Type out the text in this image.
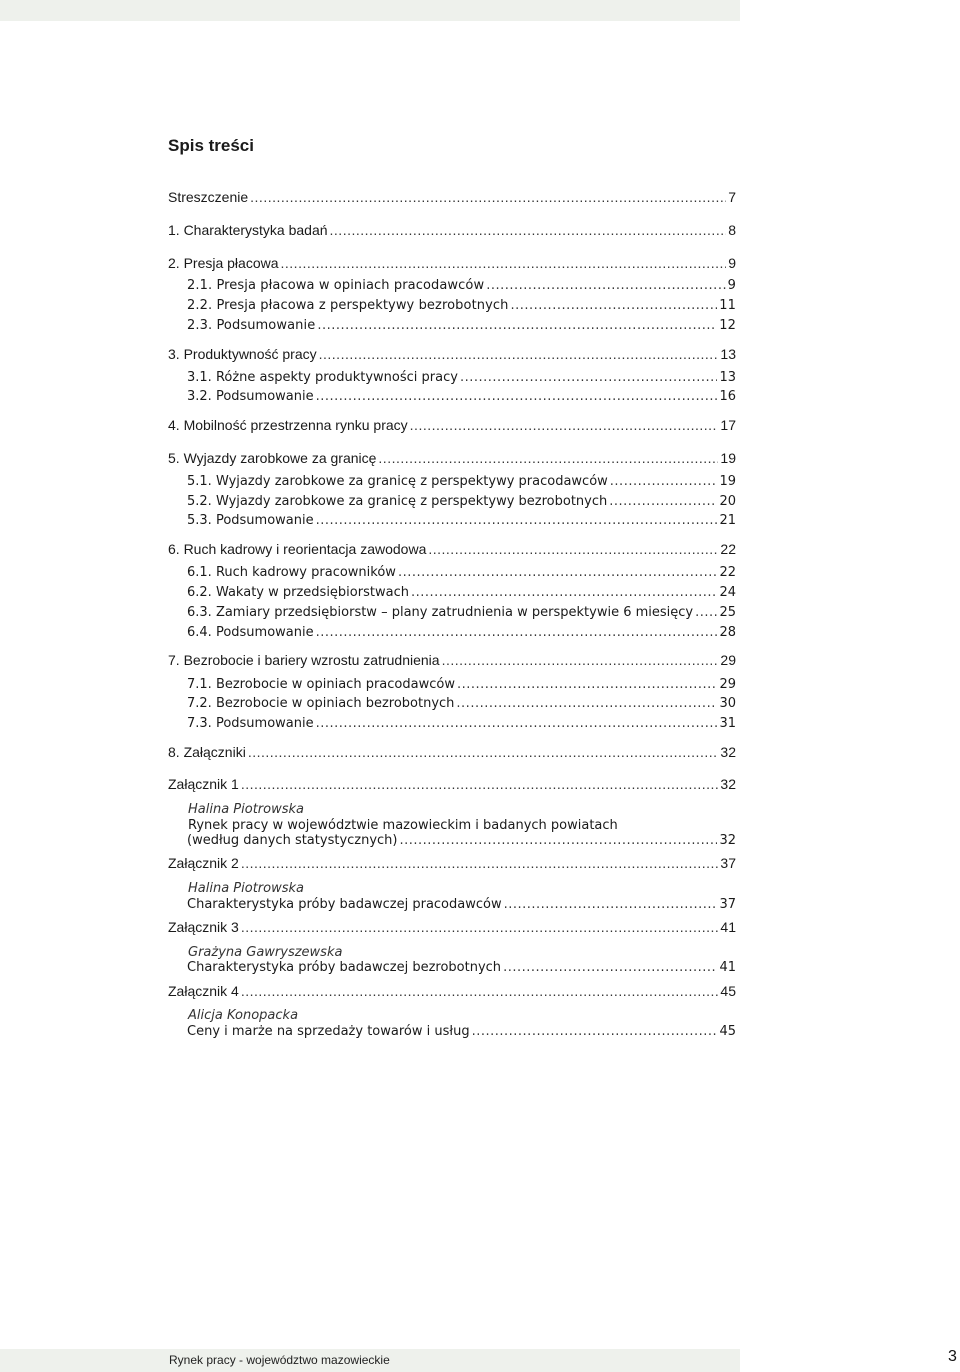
Spis treści
Streszczenie .....	7
1. Charakterystyka badań .....	8
2. Presja płacowa .....	9
2.1. Presja płacowa w opiniach pracodawców .....	9
2.2. Presja płacowa z perspektywy bezrobotnych .....	11
2.3. Podsumowanie .....	12
3. Produktywność pracy .....	13
3.1. Różne aspekty produktywności pracy .....	13
3.2. Podsumowanie .....	16
4. Mobilność przestrzenna rynku pracy .....	17
5. Wyjazdy zarobkowe za granicę .....	19
5.1. Wyjazdy zarobkowe za granicę z perspektywy pracodawców .....	19
5.2. Wyjazdy zarobkowe za granicę z perspektywy bezrobotnych .....	20
5.3. Podsumowanie .....	21
6. Ruch kadrowy i reorientacja zawodowa .....	22
6.1. Ruch kadrowy pracowników .....	22
6.2. Wakaty w przedsiębiorstwach .....	24
6.3. Zamiary przedsiębiorstw – plany zatrudnienia w perspektywie 6 miesięcy ..... 25
6.4. Podsumowanie .....	28
7. Bezrobocie i bariery wzrostu zatrudnienia .....	29
7.1. Bezrobocie w opiniach pracodawców .....	29
7.2. Bezrobocie w opiniach bezrobotnych .....	30
7.3. Podsumowanie .....	31
8. Załączniki .....	32
Załącznik 1 .....	32
Halina Piotrowska
Rynek pracy w województwie mazowieckim i badanych powiatach
(według danych statystycznych) .....	32
Załącznik 2 .....	37
Halina Piotrowska
Charakterystyka próby badawczej pracodawców .....	37
Załącznik 3 .....	41
Grażyna Gawryszewska
Charakterystyka próby badawczej bezrobotnych .....	41
Załącznik 4 .....	45
Alicja Konopacka
Ceny i marże na sprzedaży towarów i usług .....	45
Rynek pracy - województwo mazowieckie	3
